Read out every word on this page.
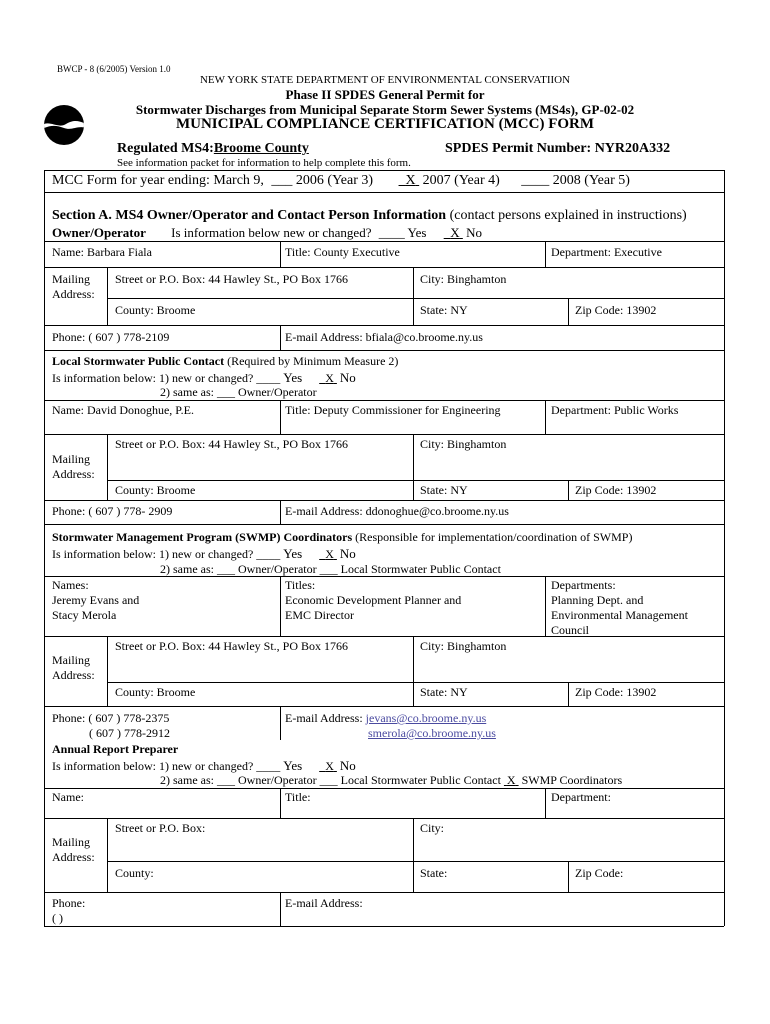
BWCP - 8 (6/2005) Version 1.0
NEW YORK STATE DEPARTMENT OF ENVIRONMENTAL CONSERVATIION
Phase II SPDES General Permit for
Stormwater Discharges from Municipal Separate Storm Sewer Systems (MS4s), GP-02-02
MUNICIPAL COMPLIANCE CERTIFICATION (MCC) FORM
Regulated MS4:Broome County	SPDES Permit Number: NYR20A332
See information packet for information to help complete this form.
MCC Form for year ending: March 9, ___ 2006 (Year 3) X 2007 (Year 4) ____ 2008 (Year 5)
Section A. MS4 Owner/Operator and Contact Person Information (contact persons explained in instructions)
Owner/Operator Is information below new or changed? ____ Yes X No
Name: Barbara Fiala	Title: County Executive	Department: Executive
Mailing
Address:
Street or P.O. Box: 44 Hawley St., PO Box 1766	City: Binghamton
County: Broome	State: NY	Zip Code: 13902
Phone: ( 607 ) 778-2109	E-mail Address: bfiala@co.broome.ny.us
Local Stormwater Public Contact (Required by Minimum Measure 2)
Is information below: 1) new or changed? ____ Yes X No
2) same as: ___ Owner/Operator
Name: David Donoghue, P.E.	Title: Deputy Commissioner for Engineering	Department: Public Works
Street or P.O. Box: 44 Hawley St., PO Box 1766	City: Binghamton
Mailing
Address:
County: Broome	State: NY	Zip Code: 13902
Phone: ( 607 ) 778- 2909	E-mail Address: ddonoghue@co.broome.ny.us
Stormwater Management Program (SWMP) Coordinators (Responsible for implementation/coordination of SWMP)
Is information below: 1) new or changed? ____ Yes X No
2) same as: ___ Owner/Operator ___ Local Stormwater Public Contact
Names:
Jeremy Evans and
Stacy Merola
Titles:
Economic Development Planner and
EMC Director
Departments:
Planning Dept. and
Environmental Management
Council
Street or P.O. Box: 44 Hawley St., PO Box 1766	City: Binghamton
Mailing
Address:
County: Broome	State: NY	Zip Code: 13902
Phone: ( 607 ) 778-2375
( 607 ) 778-2912
E-mail Address: jevans@co.broome.ny.us
smerola@co.broome.ny.us
Annual Report Preparer
Is information below: 1) new or changed? ____ Yes X No
2) same as: ___ Owner/Operator ___ Local Stormwater Public Contact X SWMP Coordinators
Name:	Title:	Department:
Street or P.O. Box:	City:
Mailing
Address:
County:	State:	Zip Code:
Phone:
( )
E-mail Address:
